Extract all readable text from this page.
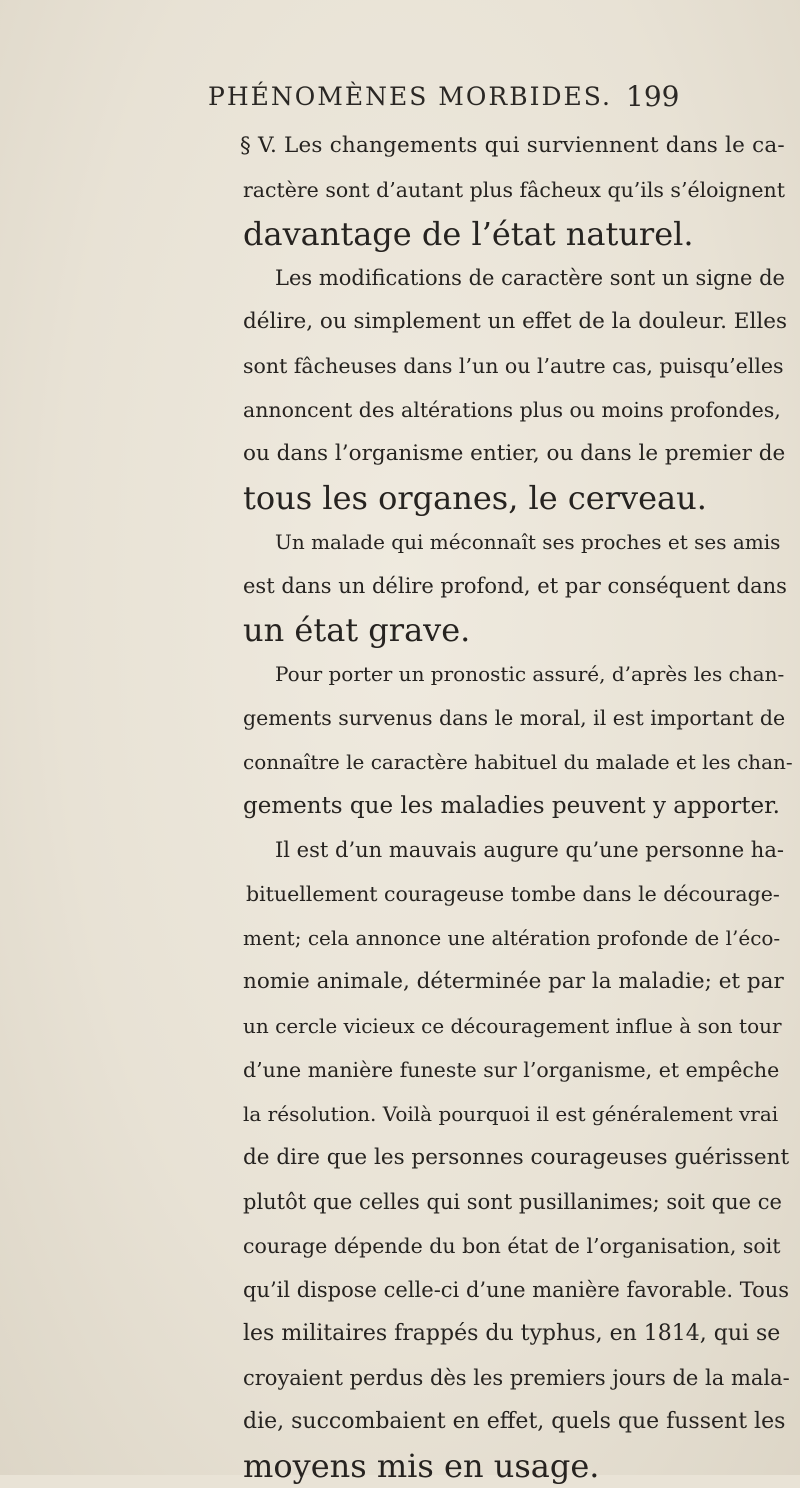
PHÉNOMÈNES MORBIDES. 199
§ V. Les changements qui surviennent dans le ca-
ractère sont d’autant plus fâcheux qu’ils s’éloignent
davantage de l’état naturel.
Les modifications de caractère sont un signe de
délire, ou simplement un effet de la douleur. Elles
sont fâcheuses dans l’un ou l’autre cas, puisqu’elles
annoncent des altérations plus ou moins profondes,
ou dans l’organisme entier, ou dans le premier de
tous les organes, le cerveau.
Un malade qui méconnaît ses proches et ses amis
est dans un délire profond, et par conséquent dans
un état grave.
Pour porter un pronostic assuré, d’après les chan-
gements survenus dans le moral, il est important de
connaître le caractère habituel du malade et les chan-
gements que les maladies peuvent y apporter.
Il est d’un mauvais augure qu’une personne ha-
bituellement courageuse tombe dans le décourage-
ment; cela annonce une altération profonde de l’éco-
nomie animale, déterminée par la maladie; et par
un cercle vicieux ce découragement influe à son tour
d’une manière funeste sur l’organisme, et empêche
la résolution. Voilà pourquoi il est généralement vrai
de dire que les personnes courageuses guérissent
plutôt que celles qui sont pusillanimes; soit que ce
courage dépende du bon état de l’organisation, soit
qu’il dispose celle-ci d’une manière favorable. Tous
les militaires frappés du typhus, en 1814, qui se
croyaient perdus dès les premiers jours de la mala-
die, succombaient en effet, quels que fussent les
moyens mis en usage.
